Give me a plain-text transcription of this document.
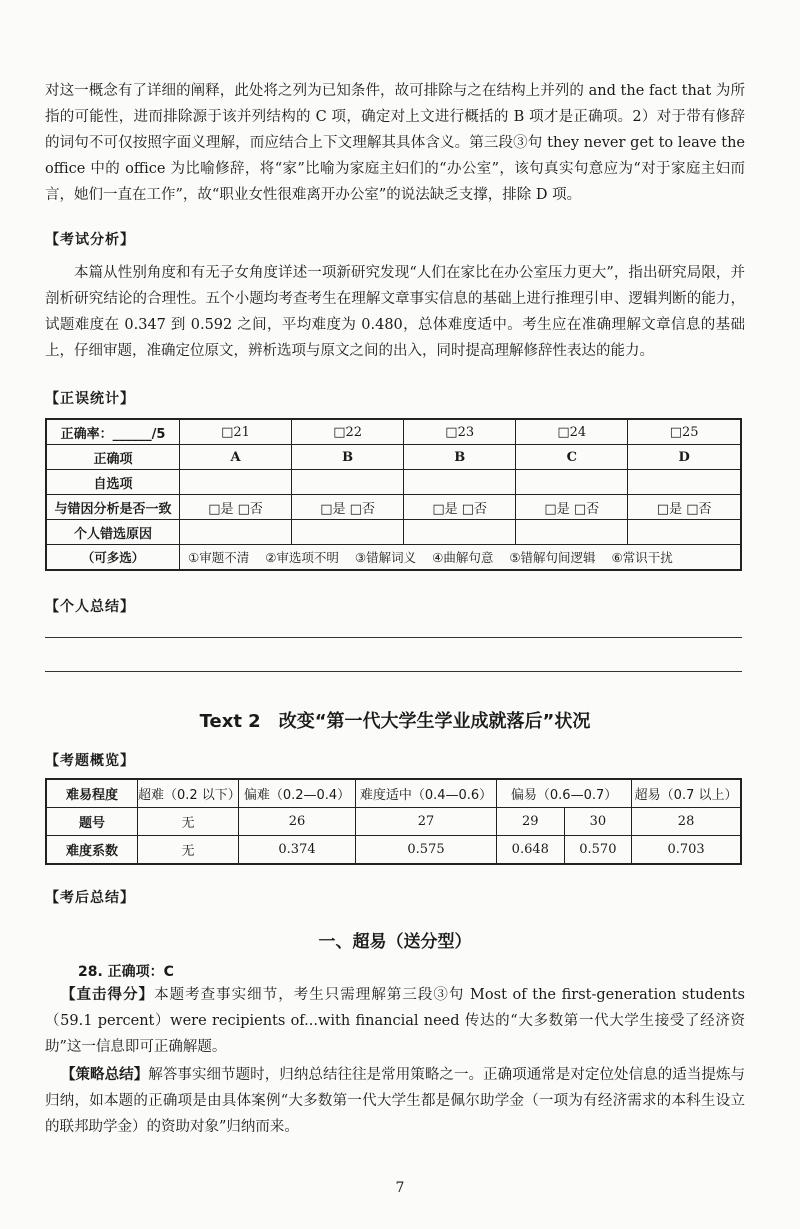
对这一概念有了详细的阐释，此处将之列为已知条件，故可排除与之在结构上并列的 and the fact that 为所指的可能性，进而排除源于该并列结构的 C 项，确定对上文进行概括的 B 项才是正确项。2）对于带有修辞的词句不可仅按照字面义理解，而应结合上下文理解其具体含义。第三段③句 they never get to leave the office 中的 office 为比喻修辞，将“家”比喻为家庭主妇们的“办公室”，该句真实句意应为“对于家庭主妇而言，她们一直在工作”，故“职业女性很难离开办公室”的说法缺乏支撑，排除 D 项。

【考试分析】

本篇从性别角度和有无子女角度详述一项新研究发现“人们在家比在办公室压力更大”，指出研究局限，并剖析研究结论的合理性。五个小题均考查考生在理解文章事实信息的基础上进行推理引申、逻辑判断的能力，试题难度在 0.347 到 0.592 之间，平均难度为 0.480，总体难度适中。考生应在准确理解文章信息的基础上，仔细审题，准确定位原文，辨析选项与原文之间的出入，同时提高理解修辞性表达的能力。

【正误统计】
正确率：______/5	□21	□22	□23	□24	□25
正确项	A	B	B	C	D
自选项					
与错因分析是否一致	□是 □否	□是 □否	□是 □否	□是 □否	□是 □否
个人错选原因					
（可多选）	①审题不清 ②审选项不明 ③错解词义 ④曲解句意 ⑤错解句间逻辑 ⑥常识干扰				
【个人总结】
Text 2　改变“第一代大学生学业成就落后”状况
【考题概览】
难易程度	超难（0.2 以下）	偏难（0.2—0.4）	难度适中（0.4—0.6）	偏易（0.6—0.7）		超易（0.7 以上）
题号	无	26	27	29	30	28
难度系数	无	0.374	0.575	0.648	0.570	0.703
【考后总结】
一、超易（送分型）
28. 正确项：C

【直击得分】本题考查事实细节，考生只需理解第三段③句 Most of the first-generation students（59.1 percent）were recipients of...with financial need 传达的“大多数第一代大学生接受了经济资助”这一信息即可正确解题。

【策略总结】解答事实细节题时，归纳总结往往是常用策略之一。正确项通常是对定位处信息的适当提炼与归纳，如本题的正确项是由具体案例“大多数第一代大学生都是佩尔助学金（一项为有经济需求的本科生设立的联邦助学金）的资助对象”归纳而来。

7
